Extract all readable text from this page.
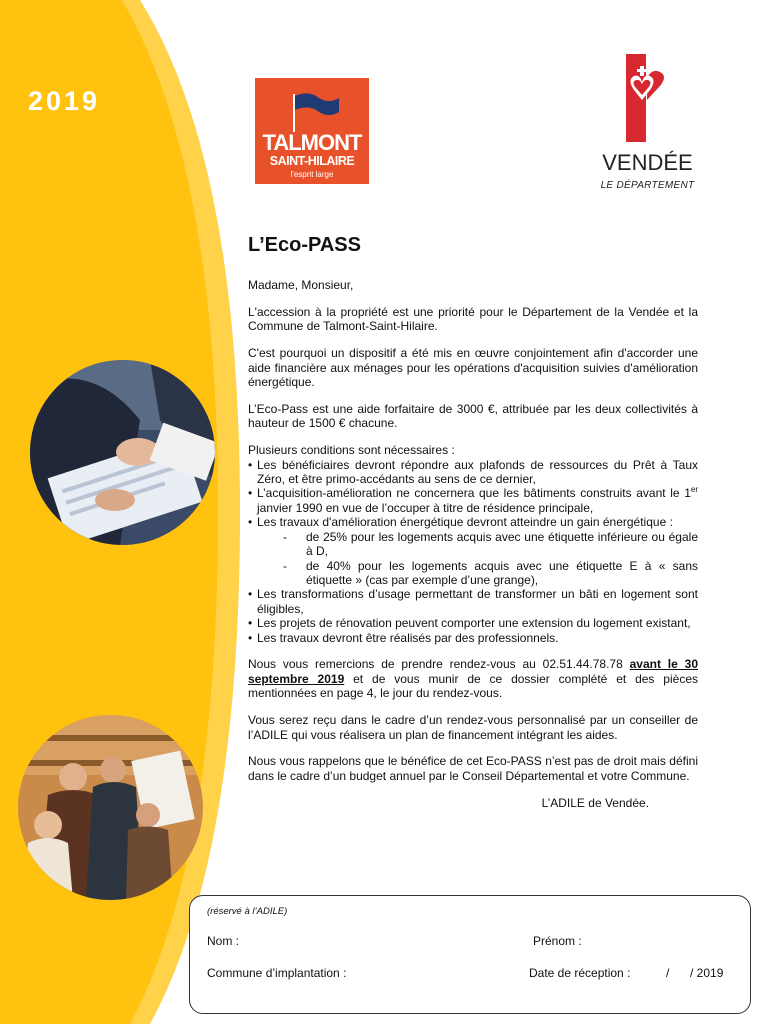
2019
TALMONT
SAINT-HILAIRE
l'esprit large	VENDÉE
LE DÉPARTEMENT
L’Eco-PASS

Madame, Monsieur,

L'accession à la propriété est une priorité pour le Département de la Vendée et la Commune de Talmont-Saint-Hilaire.

C'est pourquoi un dispositif a été mis en œuvre conjointement afin d'accorder une aide financière aux ménages pour les opérations d'acquisition suivies d'amélioration énergétique.

L’Eco-Pass est une aide forfaitaire de 3000 €, attribuée par les deux collectivités à hauteur de 1500 € chacune.

Plusieurs conditions sont nécessaires :

• Les bénéficiaires devront répondre aux plafonds de ressources du Prêt à Taux Zéro, et être primo-accédants au sens de ce dernier,
• L’acquisition-amélioration ne concernera que les bâtiments construits avant le 1er janvier 1990 en vue de l’occuper à titre de résidence principale,
• Les travaux d'amélioration énergétique devront atteindre un gain énergétique :
- de 25% pour les logements acquis avec une étiquette inférieure ou égale à D,
- de 40% pour les logements acquis avec une étiquette E à « sans étiquette » (cas par exemple d’une grange),
• Les transformations d’usage permettant de transformer un bâti en logement sont éligibles,
• Les projets de rénovation peuvent comporter une extension du logement existant,
• Les travaux devront être réalisés par des professionnels.

Nous vous remercions de prendre rendez-vous au 02.51.44.78.78 avant le 30 septembre 2019 et de vous munir de ce dossier complété et des pièces mentionnées en page 4, le jour du rendez-vous.

Vous serez reçu dans le cadre d’un rendez-vous personnalisé par un conseiller de l’ADILE qui vous réalisera un plan de financement intégrant les aides.

Nous vous rappelons que le bénéfice de cet Eco-PASS n’est pas de droit mais défini dans le cadre d’un budget annuel par le Conseil Départemental et votre Commune.

L’ADILE de Vendée.
(réservé à l’ADILE)
Nom :	Prénom :
Commune d’implantation :	Date de réception :	/ / 2019
